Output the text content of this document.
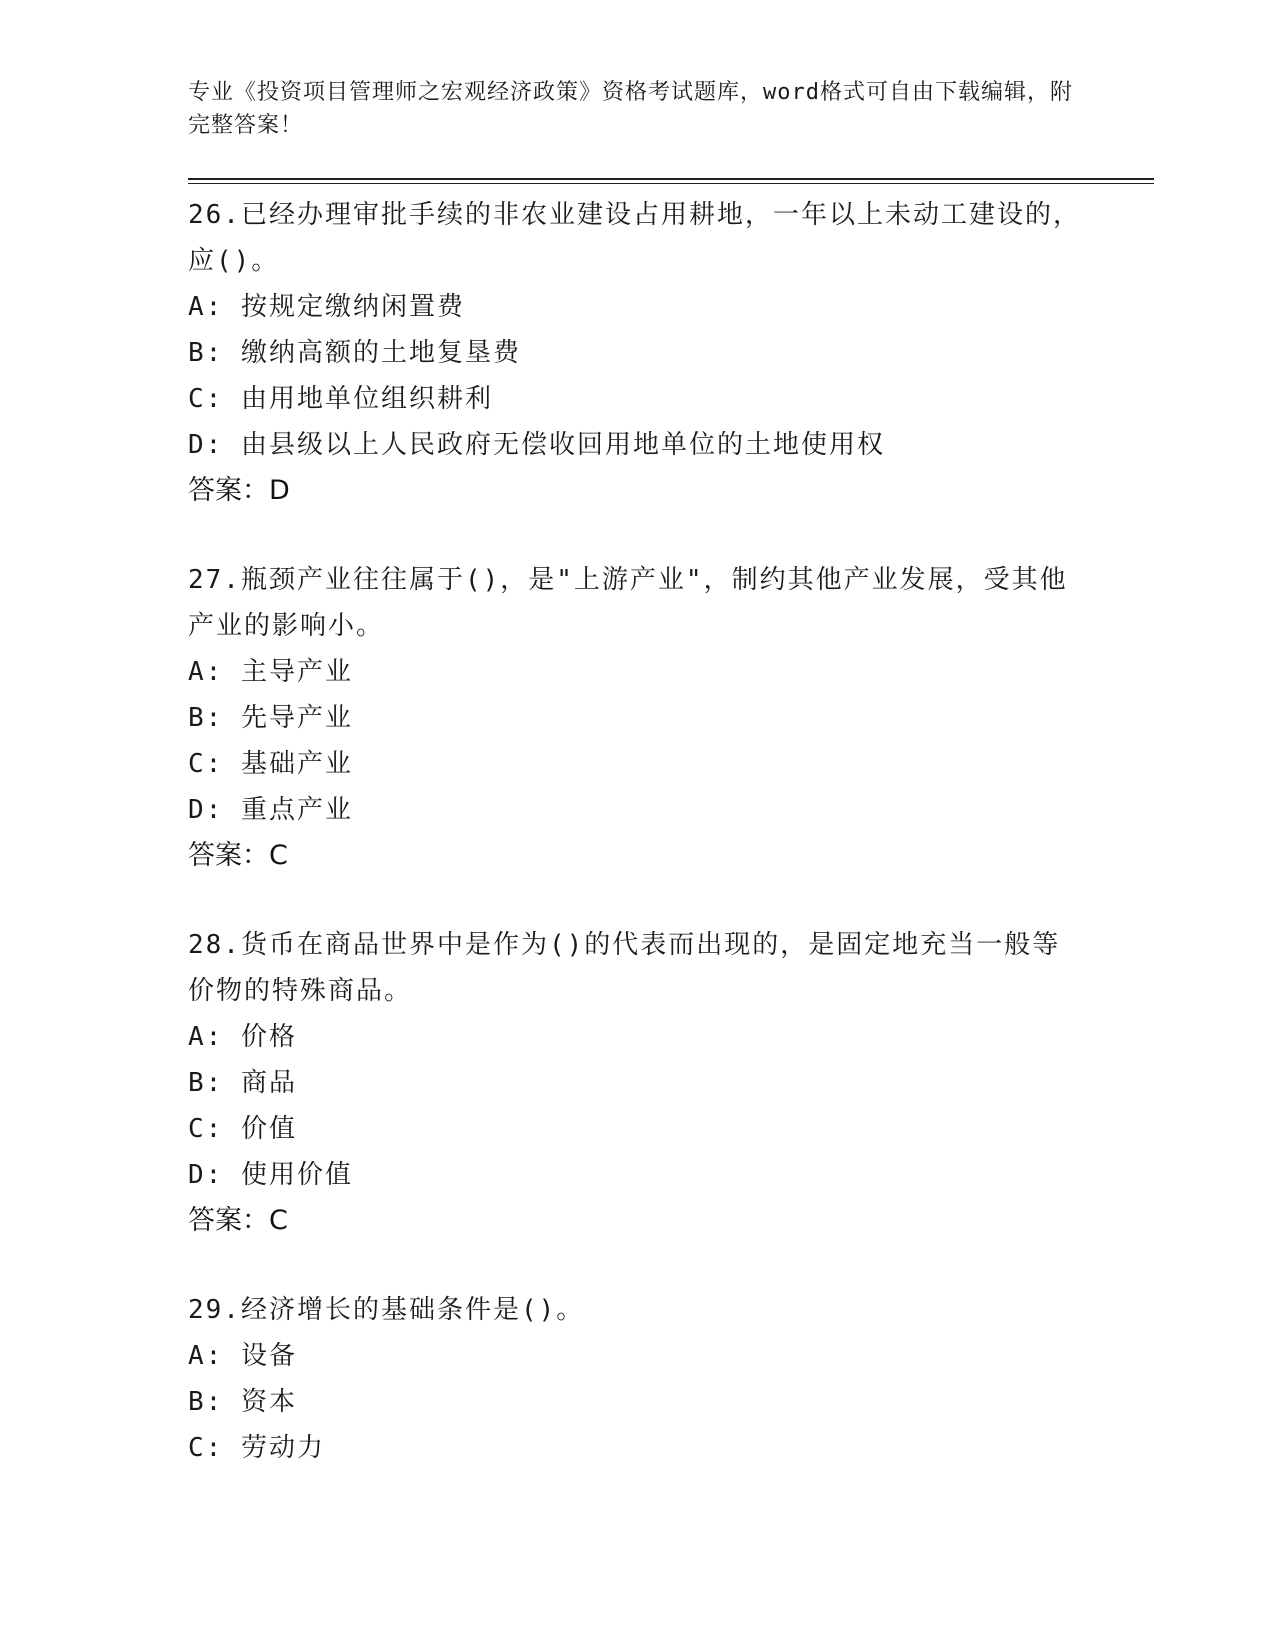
专业《投资项目管理师之宏观经济政策》资格考试题库，word格式可自由下载编辑，附完整答案！

26.已经办理审批手续的非农业建设占用耕地，一年以上未动工建设的，应()。

A: 按规定缴纳闲置费

B: 缴纳高额的土地复垦费

C: 由用地单位组织耕利

D: 由县级以上人民政府无偿收回用地单位的土地使用权

答案：D

27.瓶颈产业往往属于()，是"上游产业"，制约其他产业发展，受其他产业的影响小。

A: 主导产业

B: 先导产业

C: 基础产业

D: 重点产业

答案：C

28.货币在商品世界中是作为()的代表而出现的，是固定地充当一般等价物的特殊商品。

A: 价格

B: 商品

C: 价值

D: 使用价值

答案：C

29.经济增长的基础条件是()。

A: 设备

B: 资本

C: 劳动力
